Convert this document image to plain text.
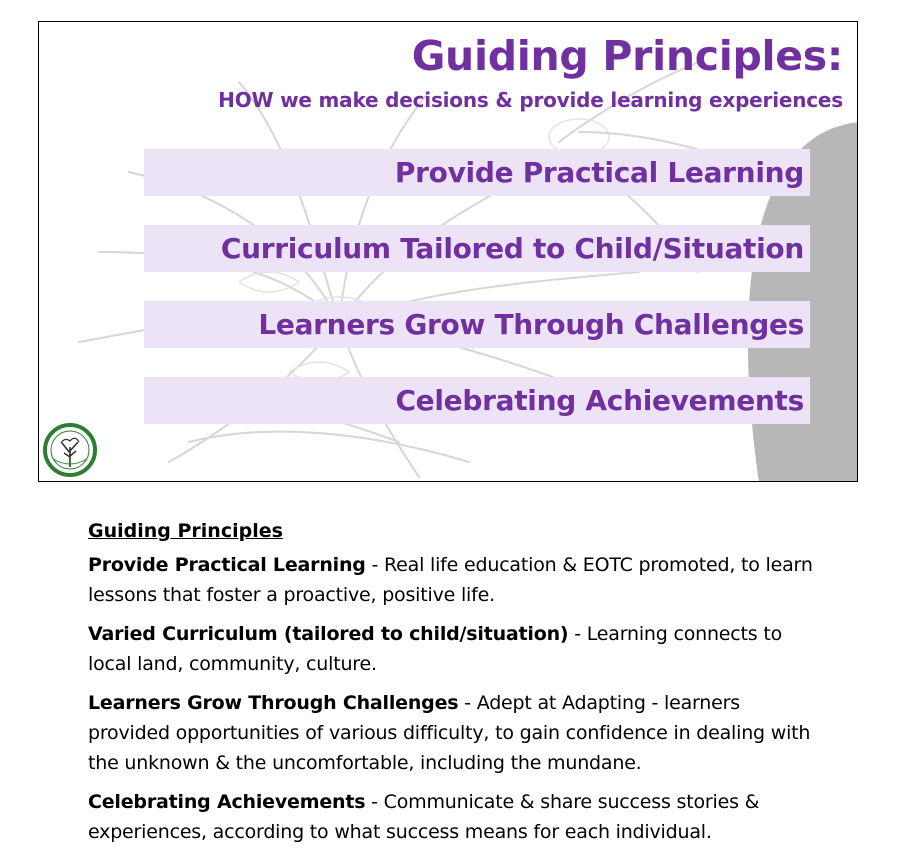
Guiding Principles:
HOW we make decisions & provide learning experiences
Provide Practical Learning
Curriculum Tailored to Child/Situation
Learners Grow Through Challenges
Celebrating Achievements

Guiding Principles

Provide Practical Learning - Real life education & EOTC promoted, to learn lessons that foster a proactive, positive life.

Varied Curriculum (tailored to child/situation) - Learning connects to local land, community, culture.

Learners Grow Through Challenges - Adept at Adapting - learners provided opportunities of various difficulty, to gain confidence in dealing with the unknown & the uncomfortable, including the mundane.

Celebrating Achievements - Communicate & share success stories & experiences, according to what success means for each individual.
